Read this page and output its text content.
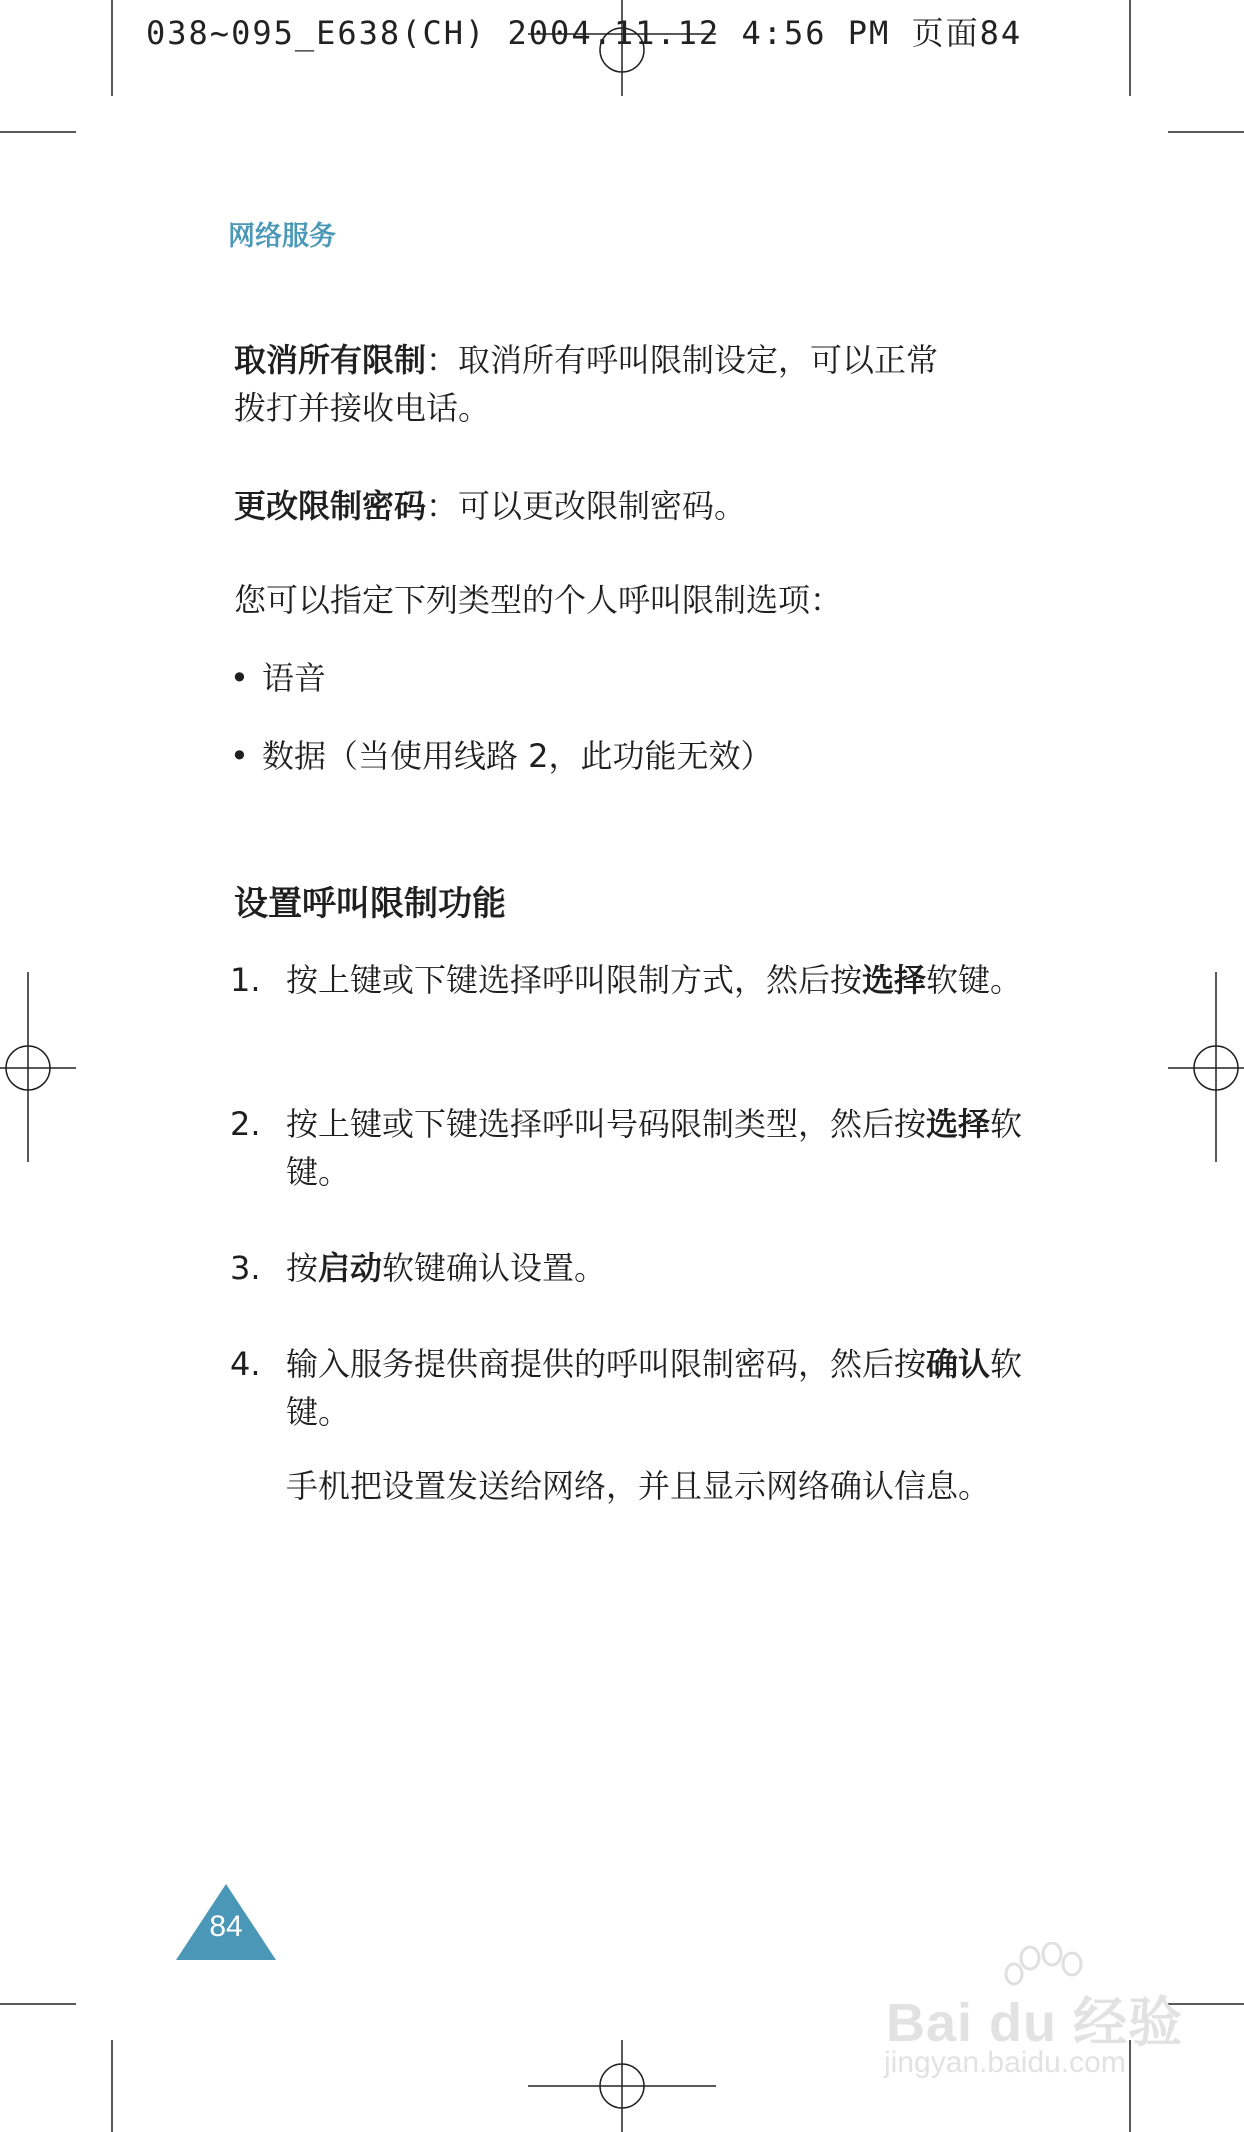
038~095_E638(CH) 2004.11.12 4:56 PM 页面84
网络服务
取消所有限制：取消所有呼叫限制设定，可以正常
拨打并接收电话。
更改限制密码：可以更改限制密码。
您可以指定下列类型的个人呼叫限制选项：
• 语音
• 数据（当使用线路 2，此功能无效）
设置呼叫限制功能
1. 按上键或下键选择呼叫限制方式，然后按选择软键。
2. 按上键或下键选择呼叫号码限制类型，然后按选择软键。
3. 按启动软键确认设置。
4. 输入服务提供商提供的呼叫限制密码，然后按确认软键。
手机把设置发送给网络，并且显示网络确认信息。
84
Bai du 经验
jingyan.baidu.com
